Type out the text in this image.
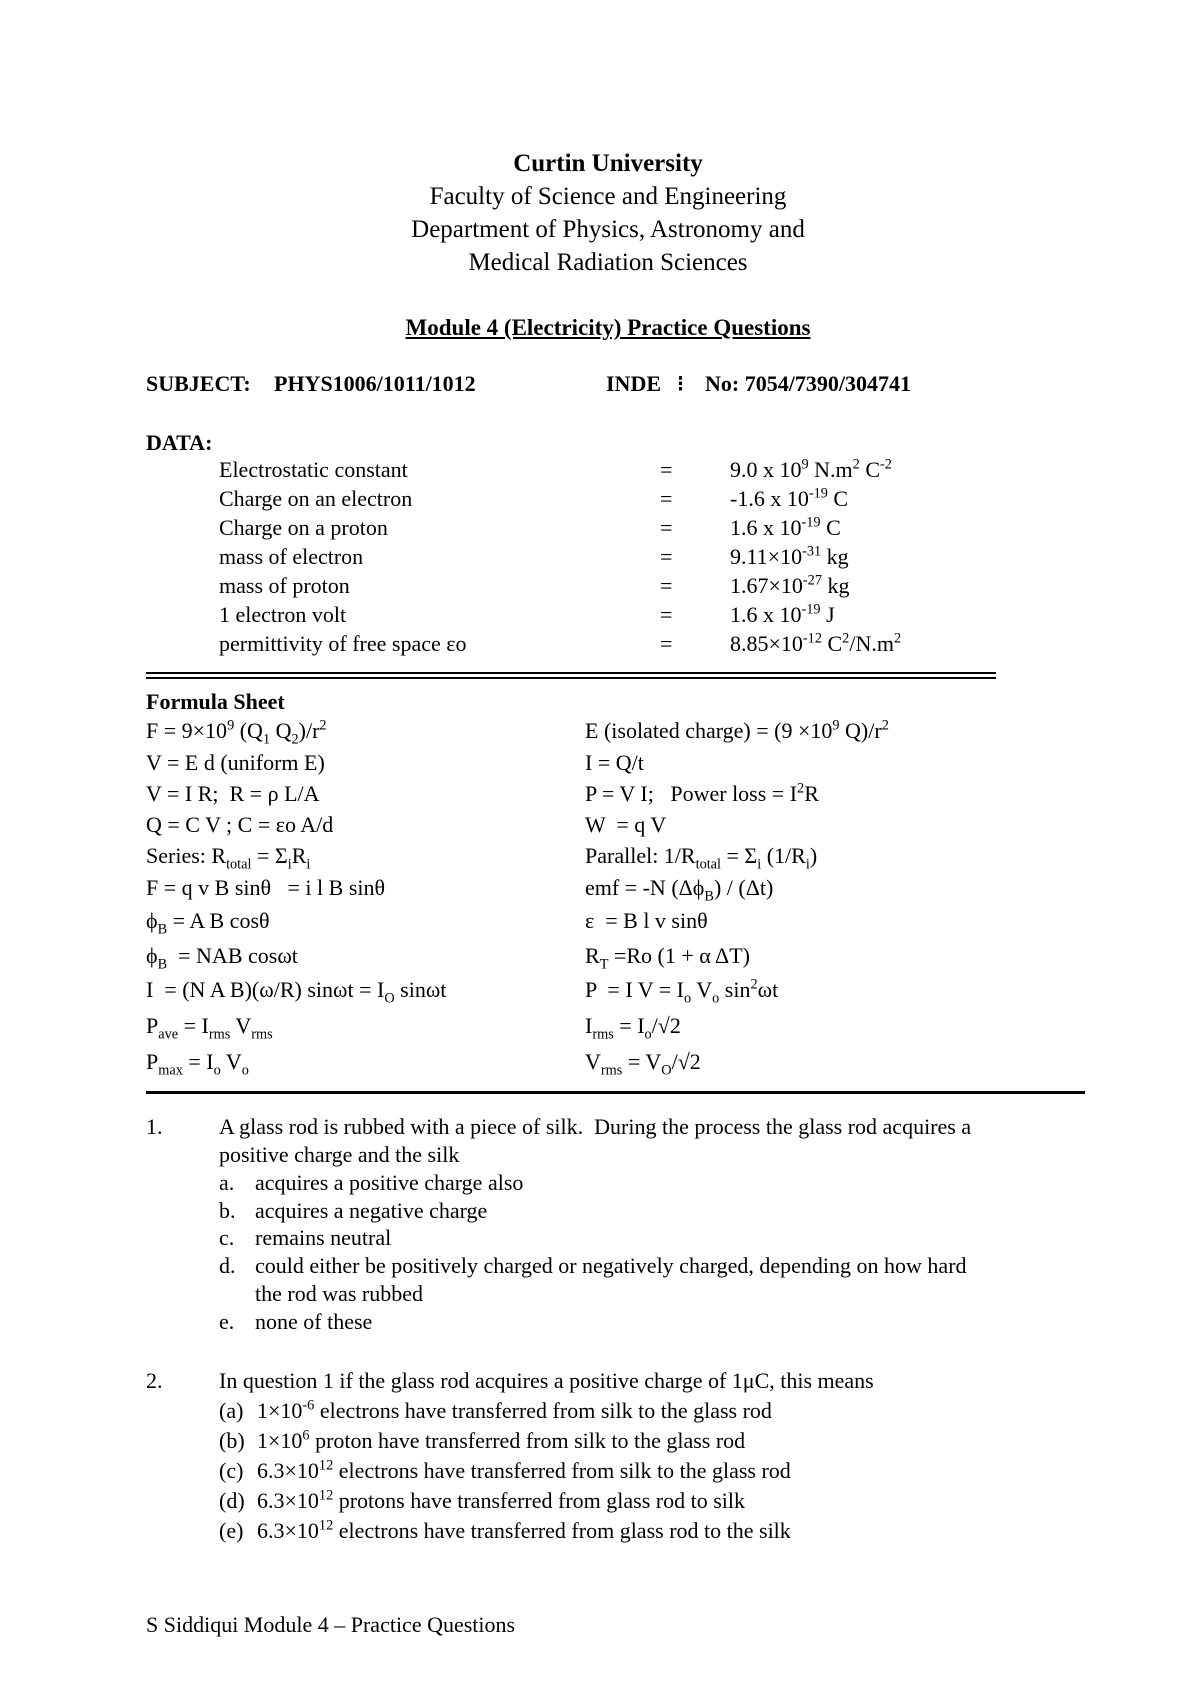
Curtin University
Faculty of Science and Engineering
Department of Physics, Astronomy and
Medical Radiation Sciences
Module 4 (Electricity) Practice Questions
SUBJECT: PHYS1006/1011/1012	INDE ⁝ No: 7054/7390/304741
DATA:
Electrostatic constant	=	9.0 x $10^9$ $N.m^2$ $C^{-2}$
Charge on an electron	=	-1.6 x $10^{-19}$ C
Charge on a proton	=	1.6 x $10^{-19}$ C
mass of electron	=	$9.11\times 10^{-31}$ kg
mass of proton	=	$1.67\times 10^{-27}$ kg
1 electron volt	=	1.6 x $10^{-19}$ J
permittivity of free space εo	=	$8.85\times 10^{-12}$ $C^2/N.m^2$
Formula Sheet
$F = 9\times 10^9$ ($Q_1$ $Q_2)/r^2$	E (isolated charge) = ($9 \times 10^9$ $Q)/r^2$
V = E d (uniform E)	I = Q/t
V = I R;  R = ρ L/A	P = V I;   Power loss = $I^2R$
Q = C V ; C = εo A/d	W  = q V
Series: $R_{total} = \Sigma_iR_i$	Parallel: $1/R_{total} = \Sigma_i$ $(1/R_i)$
F = q v B sinθ   = i l B sinθ	emf = -N $(\Delta\phi_B) / (\Delta t)$
$\phi_B = A$ B cosθ	ε  = B l v sinθ
$\phi_B$  = NAB cosωt	$R_T =Ro$ (1 + α ΔT)
I  = (N A B)(ω/R) $\sin\omega t = I_O$ sinωt	P  = I $V = I_o$ $V_o$ $\sin^2\omega t$
$P_{ave} = I_{rms}$ $V_{rms}$	$I_{rms} = I_o/√2$
$P_{max} = I_o$ $V_o$	$V_{rms} = V_O/√2$
1.	A glass rod is rubbed with a piece of silk.  During the process the glass rod acquires a
positive charge and the silk
a. acquires a positive charge also
b. acquires a negative charge
c. remains neutral
d. could either be positively charged or negatively charged, depending on how hard
the rod was rubbed
e. none of these
2.	In question 1 if the glass rod acquires a positive charge of 1μC, this means
(a) $1\times 10^{-6}$ electrons have transferred from silk to the glass rod
(b) $1\times 10^6$ proton have transferred from silk to the glass rod
(c) $6.3\times 10^{12}$ electrons have transferred from silk to the glass rod
(d) $6.3\times 10^{12}$ protons have transferred from glass rod to silk
(e) $6.3\times 10^{12}$ electrons have transferred from glass rod to the silk
S Siddiqui Module 4 – Practice Questions
